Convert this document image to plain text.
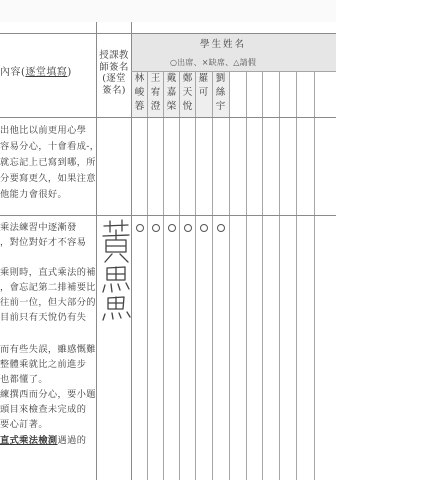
內容(逐堂填寫)
授課教師簽名(逐堂簽名)
學生姓名
○出席、×缺席、△請假
林峻箺
王宥澄
戴嘉棨
鄭天悅
羅可
劉絲宇
出他比以前更用心學
容易分心，十會看成-，
就忘記上已寫到哪，所
分要寫更久，如果注意
他能力會很好。
乘法練習中逐漸發
，對位對好才不容易
乘則時，直式乘法的補
，會忘記第二排補要比
往前一位，但大部分的
目前只有天悅仍有失
而有些失誤，雖感慨難
整體乘就比之前進步
也都懂了。
練撰西而分心，要小題
頭目來檢查未完成的
要心訂著。
直式乘法檢測遇過的
